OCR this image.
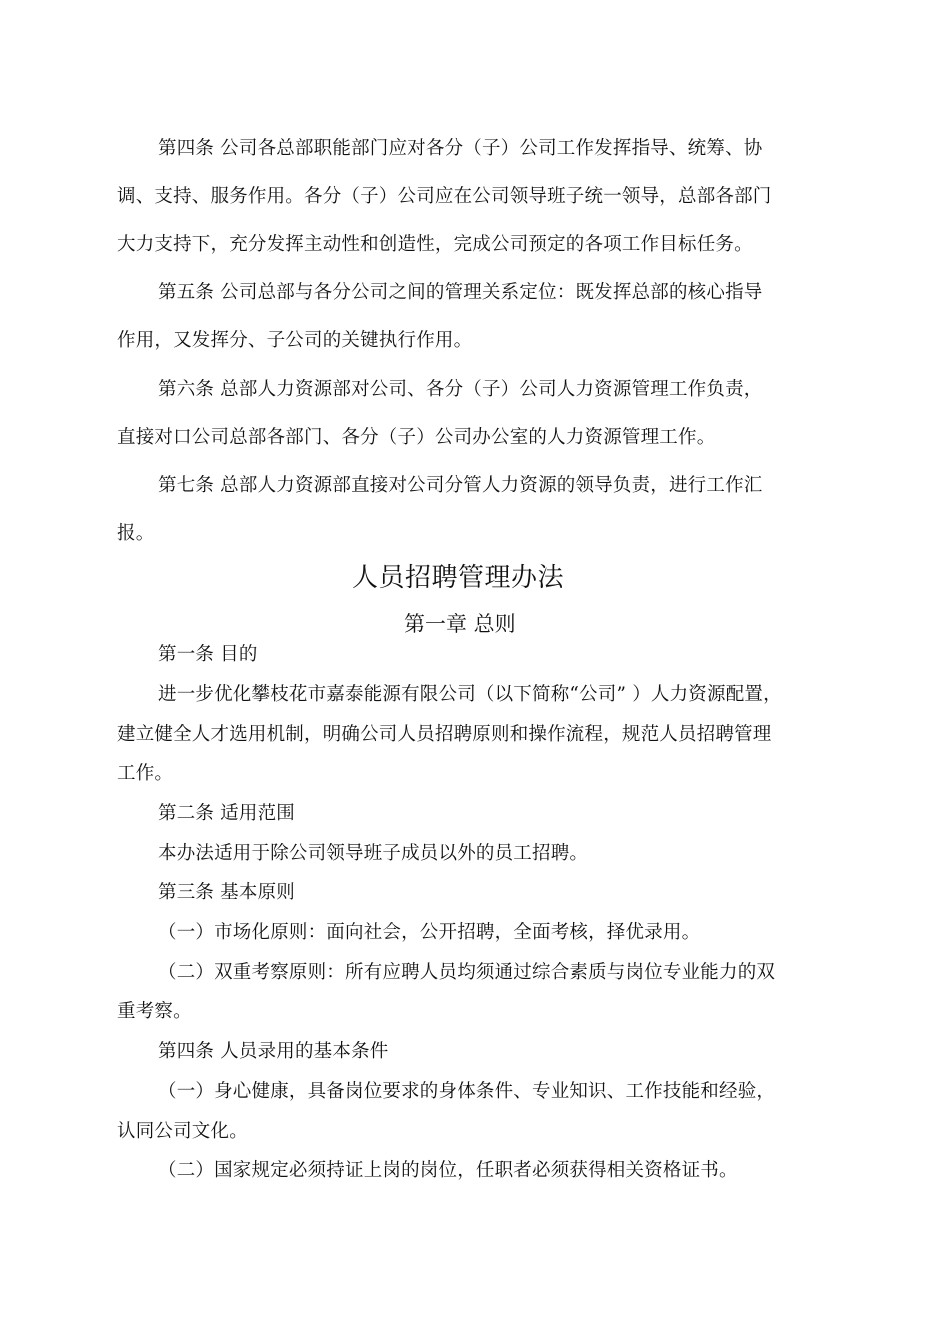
第四条 公司各总部职能部门应对各分（子）公司工作发挥指导、统筹、协
调、支持、服务作用。各分（子）公司应在公司领导班子统一领导，总部各部门
大力支持下，充分发挥主动性和创造性，完成公司预定的各项工作目标任务。
第五条 公司总部与各分公司之间的管理关系定位：既发挥总部的核心指导
作用，又发挥分、子公司的关键执行作用。
第六条 总部人力资源部对公司、各分（子）公司人力资源管理工作负责，
直接对口公司总部各部门、各分（子）公司办公室的人力资源管理工作。
第七条 总部人力资源部直接对公司分管人力资源的领导负责，进行工作汇
报。
人员招聘管理办法
第一章 总则
第一条 目的
进一步优化攀枝花市嘉泰能源有限公司（以下简称“公司” ）人力资源配置，
建立健全人才选用机制，明确公司人员招聘原则和操作流程，规范人员招聘管理
工作。
第二条 适用范围
本办法适用于除公司领导班子成员以外的员工招聘。
第三条 基本原则
（一）市场化原则：面向社会，公开招聘，全面考核，择优录用。
（二）双重考察原则：所有应聘人员均须通过综合素质与岗位专业能力的双
重考察。
第四条 人员录用的基本条件
（一）身心健康，具备岗位要求的身体条件、专业知识、工作技能和经验，
认同公司文化。
（二）国家规定必须持证上岗的岗位，任职者必须获得相关资格证书。
